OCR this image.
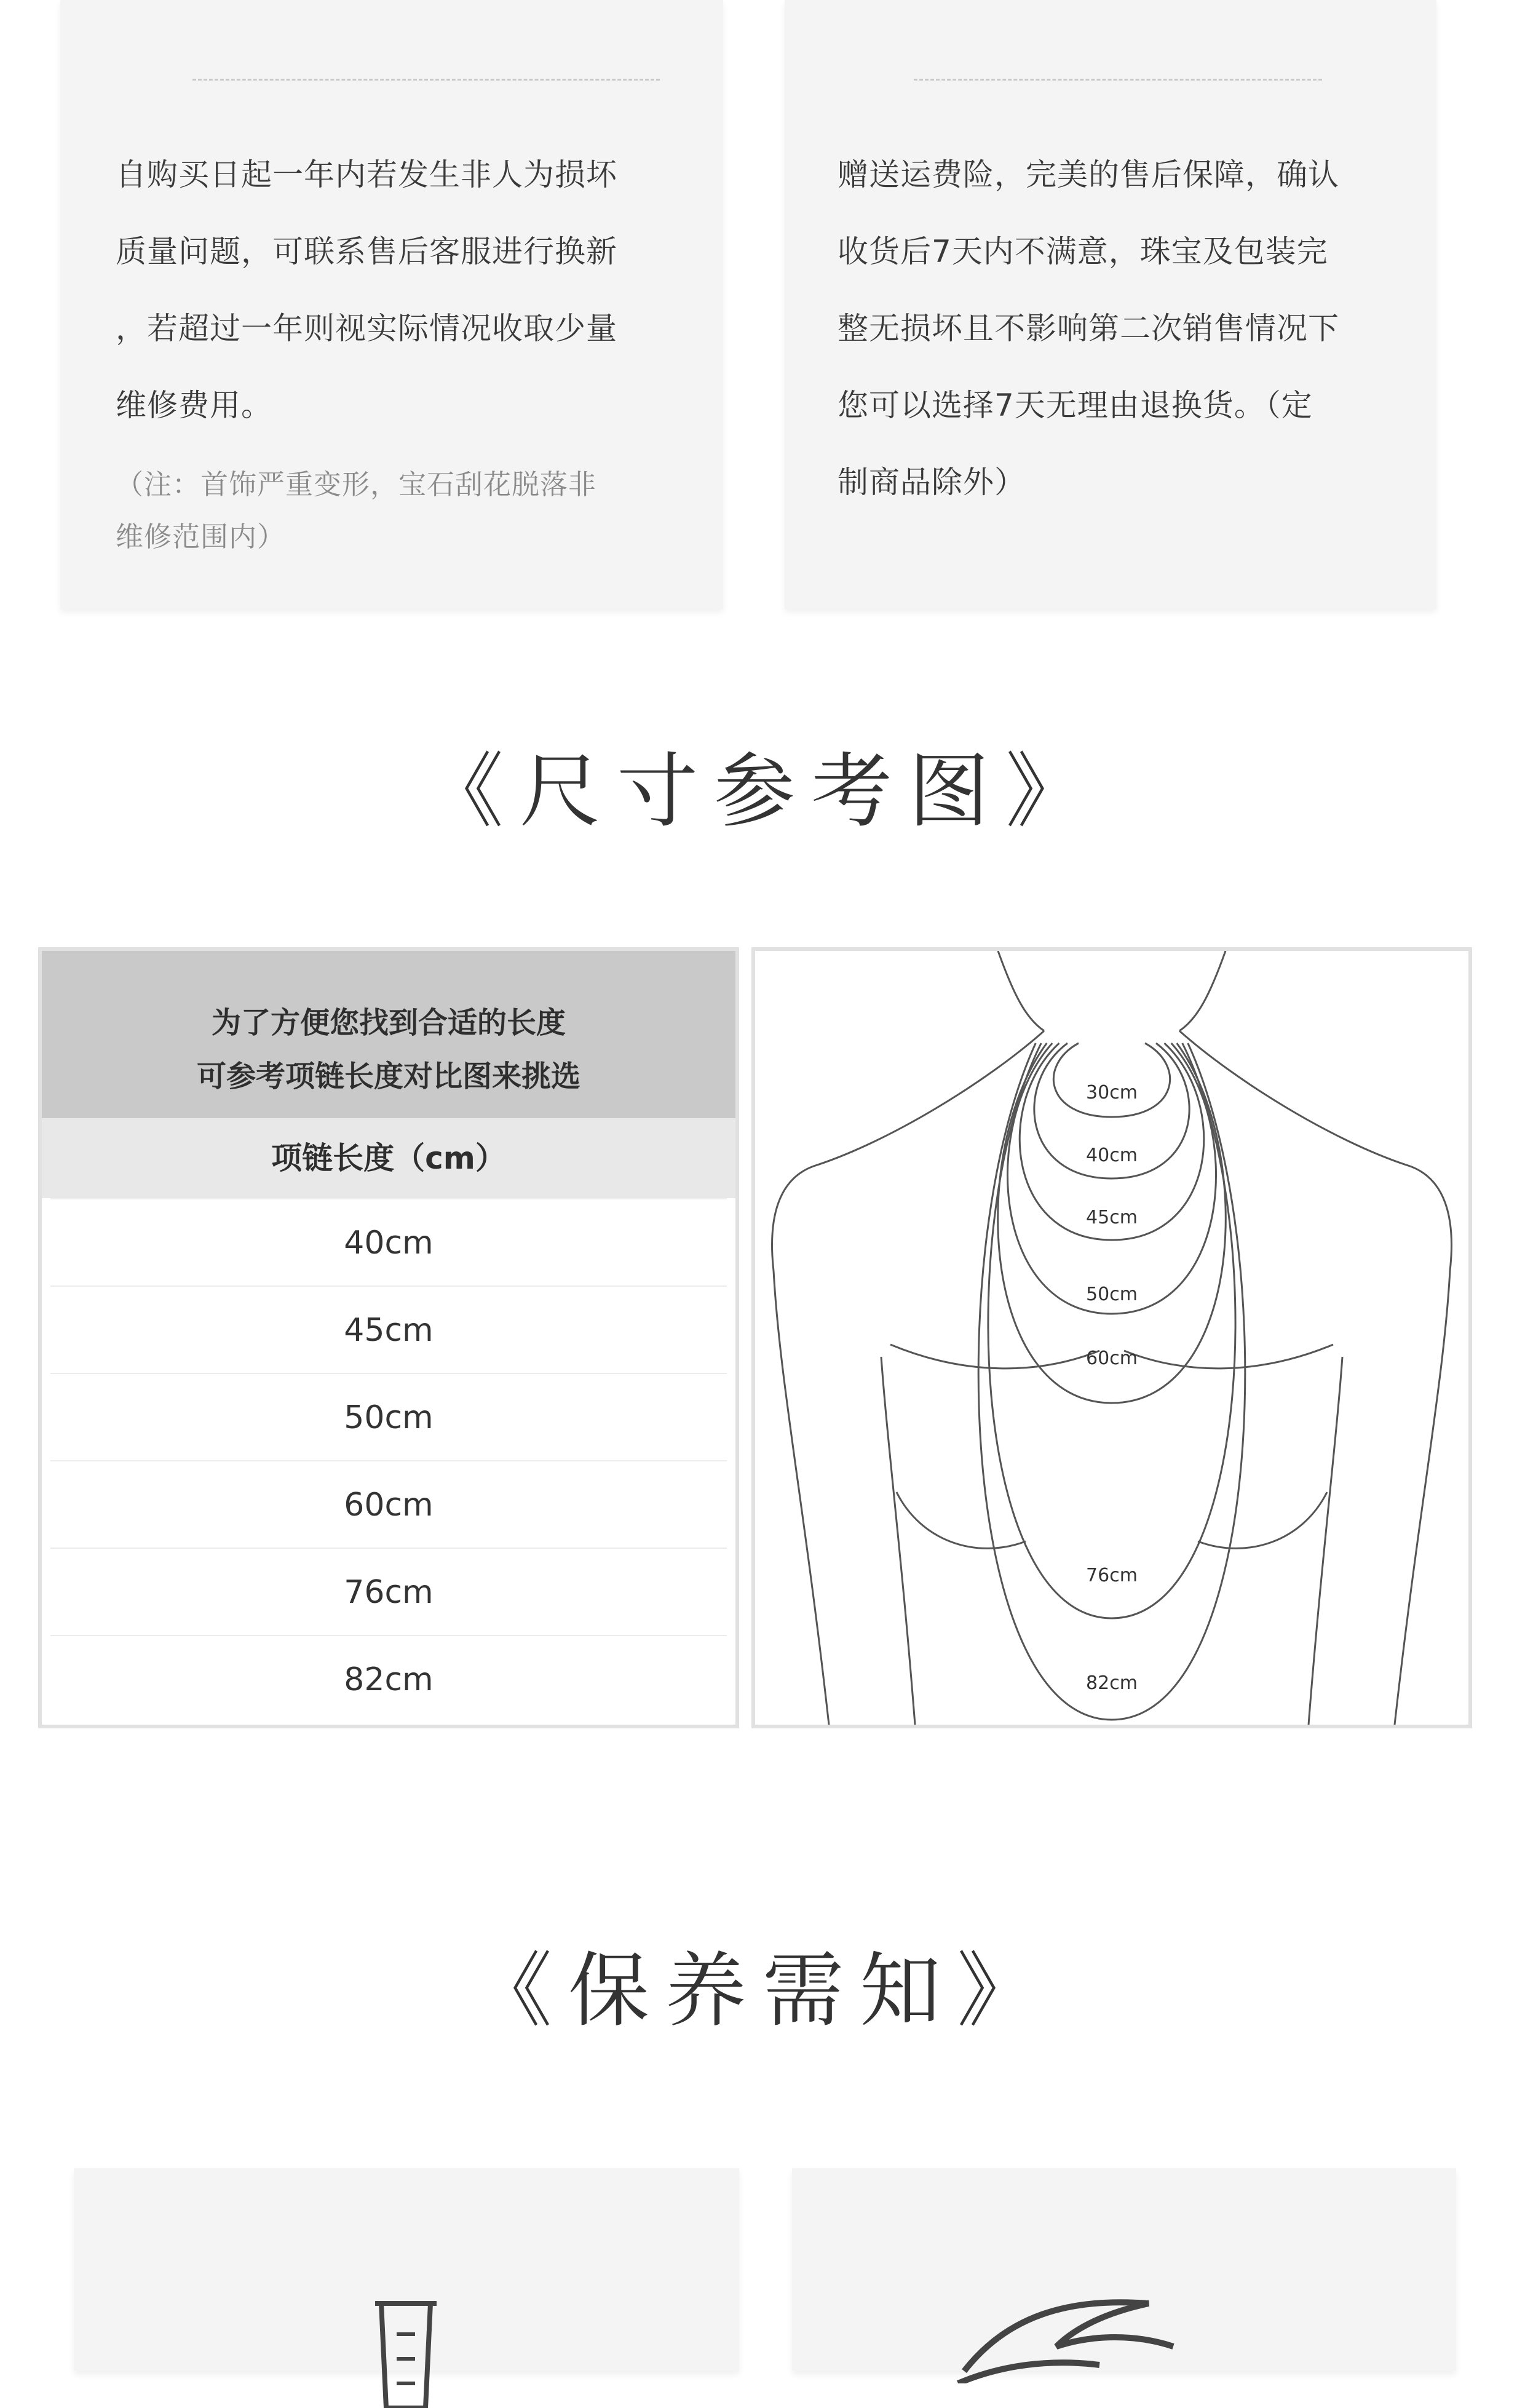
自购买日起一年内若发生非人为损坏

质量问题，可联系售后客服进行换新

，若超过一年则视实际情况收取少量

维修费用。

（注：首饰严重变形，宝石刮花脱落非

维修范围内）

赠送运费险，完美的售后保障，确认

收货后7天内不满意，珠宝及包装完

整无损坏且不影响第二次销售情况下

您可以选择7天无理由退换货。（定

制商品除外）

《尺寸参考图》
为了方便您找到合适的长度
可参考项链长度对比图来挑选
项链长度（cm）
40cm
45cm
50cm
60cm
76cm
82cm
30cm
40cm
45cm
50cm
60cm
76cm
82cm
《保养需知》
